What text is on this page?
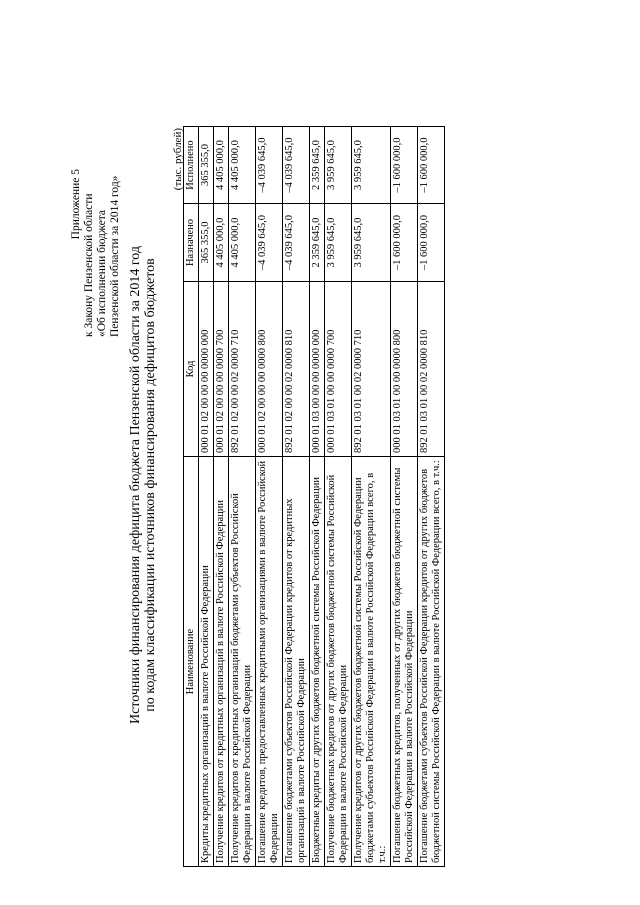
Приложение 5 к Закону Пензенской области «Об исполнении бюджета Пензенской области за 2014 год» Источники финансирования дефицита бюджета Пензенской области за 2014 год по кодам классификации источников финансирования дефицитов бюджетов
(тыс. рублей)
Наименование	Код	Назначено	Исполнено
Кредиты кредитных организаций в валюте Российской Федерации	000 01 02 00 00 00 0000 000	365 355,0	365 355,0
Получение кредитов от кредитных организаций в валюте Российской Федерации	000 01 02 00 00 00 0000 700	4 405 000,0	4 405 000,0
Получение кредитов от кредитных организаций бюджетами субъектов Российской Федерации в валюте Российской Федерации	892 01 02 00 00 02 0000 710	4 405 000,0	4 405 000,0
Погашение кредитов, предоставленных кредитными организациями в валюте Российской Федерации	000 01 02 00 00 00 0000 800	–4 039 645,0	–4 039 645,0
Погашение бюджетами субъектов Российской Федерации кредитов от кредитных организаций в валюте Российской Федерации	892 01 02 00 00 02 0000 810	–4 039 645,0	–4 039 645,0
Бюджетные кредиты от других бюджетов бюджетной системы Российской Федерации	000 01 03 00 00 00 0000 000	2 359 645,0	2 359 645,0
Получение бюджетных кредитов от других бюджетов бюджетной системы Российской Федерации в валюте Российской Федерации	000 01 03 01 00 00 0000 700	3 959 645,0	3 959 645,0
Получение кредитов от других бюджетов бюджетной системы Российской Федерации бюджетами субъектов Российской Федерации в валюте Российской Федерации всего, в т.ч.:	892 01 03 01 00 02 0000 710	3 959 645,0	3 959 645,0
Погашение бюджетных кредитов, полученных от других бюджетов бюджетной системы Российской Федерации в валюте Российской Федерации	000 01 03 01 00 00 0000 800	–1 600 000,0	–1 600 000,0
Погашение бюджетами субъектов Российской Федерации кредитов от других бюджетов бюджетной системы Российской Федерации в валюте Российской Федерации всего, в т.ч.:	892 01 03 01 00 02 0000 810	–1 600 000,0	–1 600 000,0
